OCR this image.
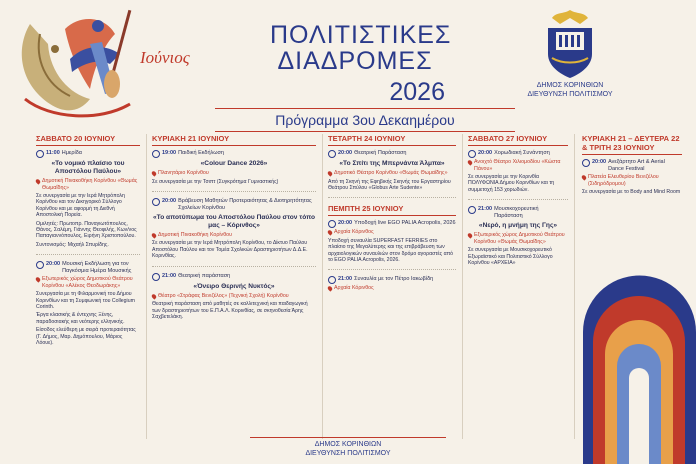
Ιούνιος
ΠΟΛΙΤΙΣΤΙΚΕΣ
ΔΙΑΔΡΟΜΕΣ
2026
Πρόγραμμα 3ου Δεκαημέρου
ΔΗΜΟΣ ΚΟΡΙΝΘΙΩΝ
ΔΙΕΥΘΥΝΣΗ ΠΟΛΙΤΙΣΜΟΥ
ΣΑΒΒΑΤΟ 20 ΙΟΥΝΙΟΥ
11:00 Ημερίδα
«Το νομικό πλαίσιο του Αποστόλου Παύλου»
Δημοτική Πινακοθήκη Κορίνθου «Θωμάς Θωμαΐδης»
Σε συνεργασία με την Ιερά Μητρόπολη Κορίνθου και τον Δικηγορικό Σύλλογο Κορίνθου και με αφορμή τη Διεθνή Αποστολική Πορεία.
Ομιλητές: Πρωτοπρ. Παναγιωτόπουλος, Θάνος, Σαλέμη, Γιάννης Θεοφιλής, Κων/νος Παπαγιαννόπουλος, Ειρήνη Χριστοπούλου.
Συντονισμός: Μιχαήλ Σπυρίδης.
20:00 Μουσική Εκδήλωση για τον Παγκόσμια Ημέρα Μουσικής
Εξωτερικός χώρος Δημοτικού Θεάτρου Κορίνθου «Αλέκος Θεοδωράκης»
Συνεργασία με τη Φιλαρμονική του Δήμου Κορινθίων και τη Συμφωνική του Collegium Corinth.
Έργα κλασικής & έντεχνης Ξένης, παραδοσιακής και νεότερης ελληνικής.
Είσοδος ελεύθερη με σειρά προτεραιότητας (Γ. Δήμος, Μαρ. Δημόπουλου, Μάριος Λόουε).
ΚΥΡΙΑΚΗ 21 ΙΟΥΝΙΟΥ
19:00 Παιδική Εκδήλωση
«Colour Dance 2026»
Πλανητάριο Κορίνθου
Σε συνεργασία με την Τσιπτ (Συγκρότημα Γυμναστικής)
20:00 Βράβευση Μαθητών Προτεραιότητας & Διοτηρητότητας Σχολείων Κορίνθου
«Το αποτύπωμα του Αποστόλου Παύλου στον τόπο μας – Κόρινθος»
Δημοτική Πινακοθήκη Κορίνθου
Σε συνεργασία με την Ιερά Μητρόπολη Κορίνθου, το Δίκτυο Παύλου Αποστόλου Παύλου και τον Τομέα Σχολικών Δραστηριοτήτων Δ.Δ.Ε. Κορινθίας.
21:00 Θεατρική παράσταση
«Όνειρο Θερινής Νυκτός»
Θέατρο «Στράφας Βενιζέλος» (Τεχνική Σχολή) Κορίνθου
Θεατρική παράσταση από μαθητές σε καλλιτεχνική και παιδαγωγική των δραστηριοτήτων του Ε.Π.Α.Λ. Κορινθίας, σε σκηνοθεσία Άρης Σαχβετελάκη.
ΤΕΤΑΡΤΗ 24 ΙΟΥΝΙΟΥ
20:00 Θεατρική Παράσταση
«Το Σπίτι της Μπερνάντα Άλμπα»
Δημοτικό Θέατρο Κορίνθου «Θωμάς Θωμαΐδης»
Από τη Σκηνή της Εφηβικής Σκηνής του Εργαστηρίου Θεάτρου Σπύλου «Globus Arte Sudente»
ΠΕΜΠΤΗ 25 ΙΟΥΝΙΟΥ
20:00 Υποδοχή live EGO PALIA Acropolis, 2026
Αρχαία Κόρινθος
Υποδοχή συναυλία SUPERFAST FERRIES στο πλαίσιο της Μεγαλύτερης και της επιβράβευση των αρχαιολογικών συναυλιών στον δρόμο αγοραστές από το EGO PALIA Acropolis, 2026.
21:00 Συναυλία με τον Πέτρο Ιακωβίδη
Αρχαία Κόρινθος
ΣΑΒΒΑΤΟ 27 ΙΟΥΝΙΟΥ
20:00 Χορωδιακή Συνάντηση
Ανοιχτό Θέατρο Χιλιομοδίου «Κώστα Πάνου»
Σε συνεργασία με την Κορινθία ΠΟΛΥΦΩΝΙΑ Δήμου Κορινθίων και τη συμμετοχή 153 χορωδιών.
21:00 Μουσικοχορευτική Παράσταση
«Νερό, η μνήμη της Γης»
Εξωτερικός χώρος Δημοτικού Θεάτρου Κορίνθου «Θωμάς Θωμαΐδης»
Σε συνεργασία με Μουσικοχορευτικό Εξωραϊστικό και Πολιτιστικό Σύλλογο Κορίνθου «ΑΡΧΕΙΑ»
ΚΥΡΙΑΚΗ 21 – ΔΕΥΤΕΡΑ 22 & ΤΡΙΤΗ 23 ΙΟΥΝΙΟΥ
20:00 Ανεξάρτητο Art & Aerial Dance Festival
Πλατεία Ελευθερίου Βενιζέλου (Σιδηρόδρομου)
Σε συνεργασία με το Body and Mind Room
ΔΗΜΟΣ ΚΟΡΙΝΘΙΩΝ
ΔΙΕΥΘΥΝΣΗ ΠΟΛΙΤΙΣΜΟΥ
